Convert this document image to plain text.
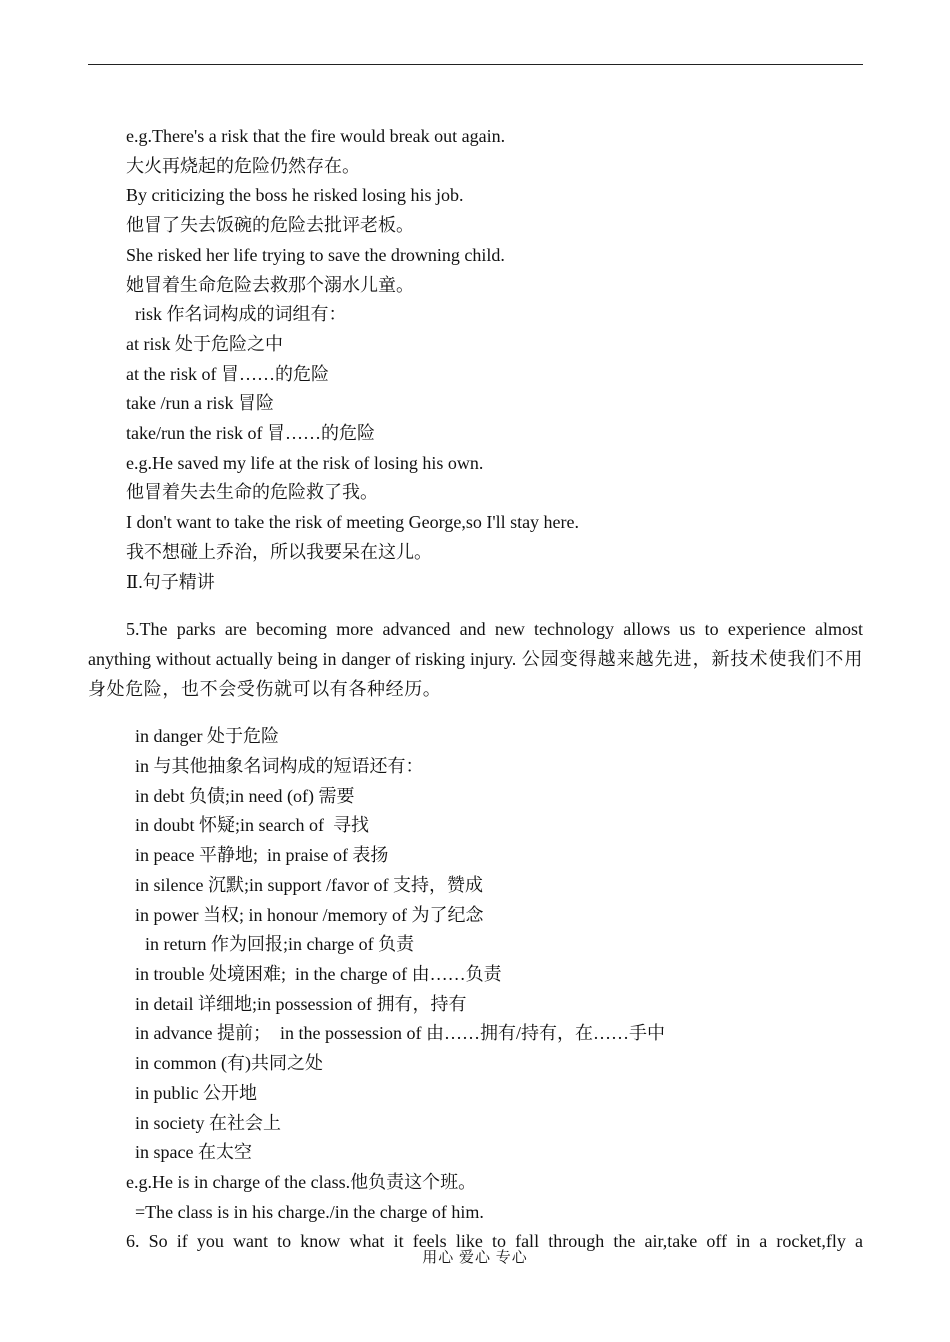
e.g.There's a risk that the fire would break out again.

大火再烧起的危险仍然存在。

By criticizing the boss he risked losing his job.

他冒了失去饭碗的危险去批评老板。

She risked her life trying to save the drowning child.

她冒着生命危险去救那个溺水儿童。

risk 作名词构成的词组有：

at risk 处于危险之中

at the risk of 冒……的危险

take /run a risk 冒险

take/run the risk of 冒……的危险

e.g.He saved my life at the risk of losing his own.

他冒着失去生命的危险救了我。

I don't want to take the risk of meeting George,so I'll stay here.

我不想碰上乔治，所以我要呆在这儿。

Ⅱ.句子精讲

5.The parks are becoming more advanced and new technology allows us to experience almost anything without actually being in danger of risking injury. 公园变得越来越先进，新技术使我们不用身处危险，也不会受伤就可以有各种经历。

in danger 处于危险

in 与其他抽象名词构成的短语还有：

in debt 负债;in need (of) 需要

in doubt 怀疑;in search of  寻找

in peace 平静地;  in praise of 表扬

in silence 沉默;in support /favor of 支持，赞成

in power 当权; in honour /memory of 为了纪念

in return 作为回报;in charge of 负责

in trouble 处境困难;  in the charge of 由……负责

in detail 详细地;in possession of 拥有，持有

in advance 提前；  in the possession of 由……拥有/持有，在……手中

in common (有)共同之处

in public 公开地

in society 在社会上

in space 在太空

e.g.He is in charge of the class.他负责这个班。

=The class is in his charge./in the charge of him.

6. So if you want to know what it feels like to fall through the air,take off in a rocket,fly a

用心 爱心 专心
